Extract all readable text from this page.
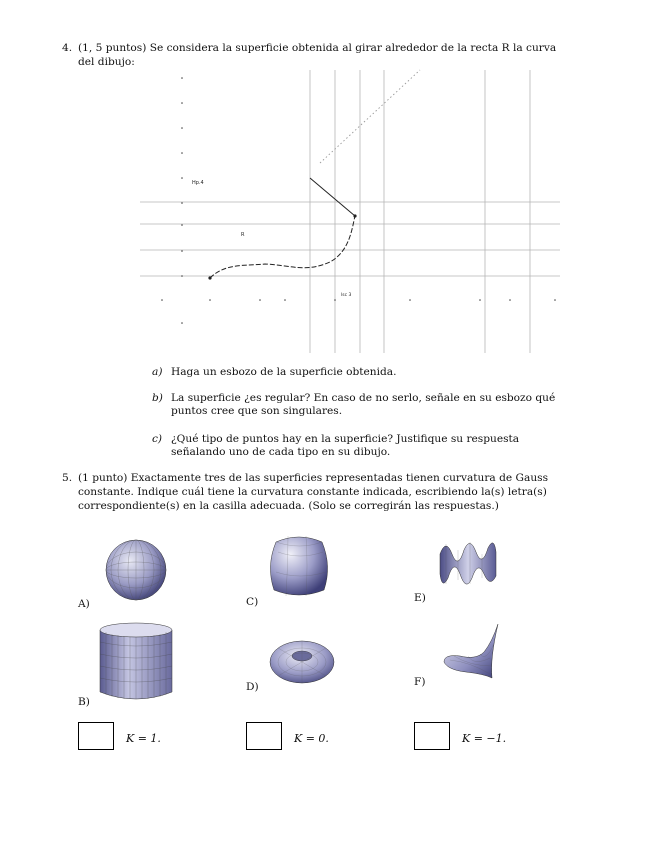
4. (1, 5 puntos) Se considera la superficie obtenida al girar alrededor de la recta R la curva
del dibujo:
Hp.4
R
lsc 3
a) Haga un esbozo de la superficie obtenida.
b) La superficie ¿es regular? En caso de no serlo, señale en su esbozo qué
puntos cree que son singulares.
c) ¿Qué tipo de puntos hay en la superficie? Justifique su respuesta
señalando uno de cada tipo en su dibujo.
5. (1 punto) Exactamente tres de las superficies representadas tienen curvatura de Gauss
constante. Indique cuál tiene la curvatura constante indicada, escribiendo la(s) letra(s)
correspondiente(s) en la casilla adecuada. (Solo se corregirán las respuestas.)
A)
B)
C)
D)
E)
F)
K = 1.	K = 0.	K = −1.
